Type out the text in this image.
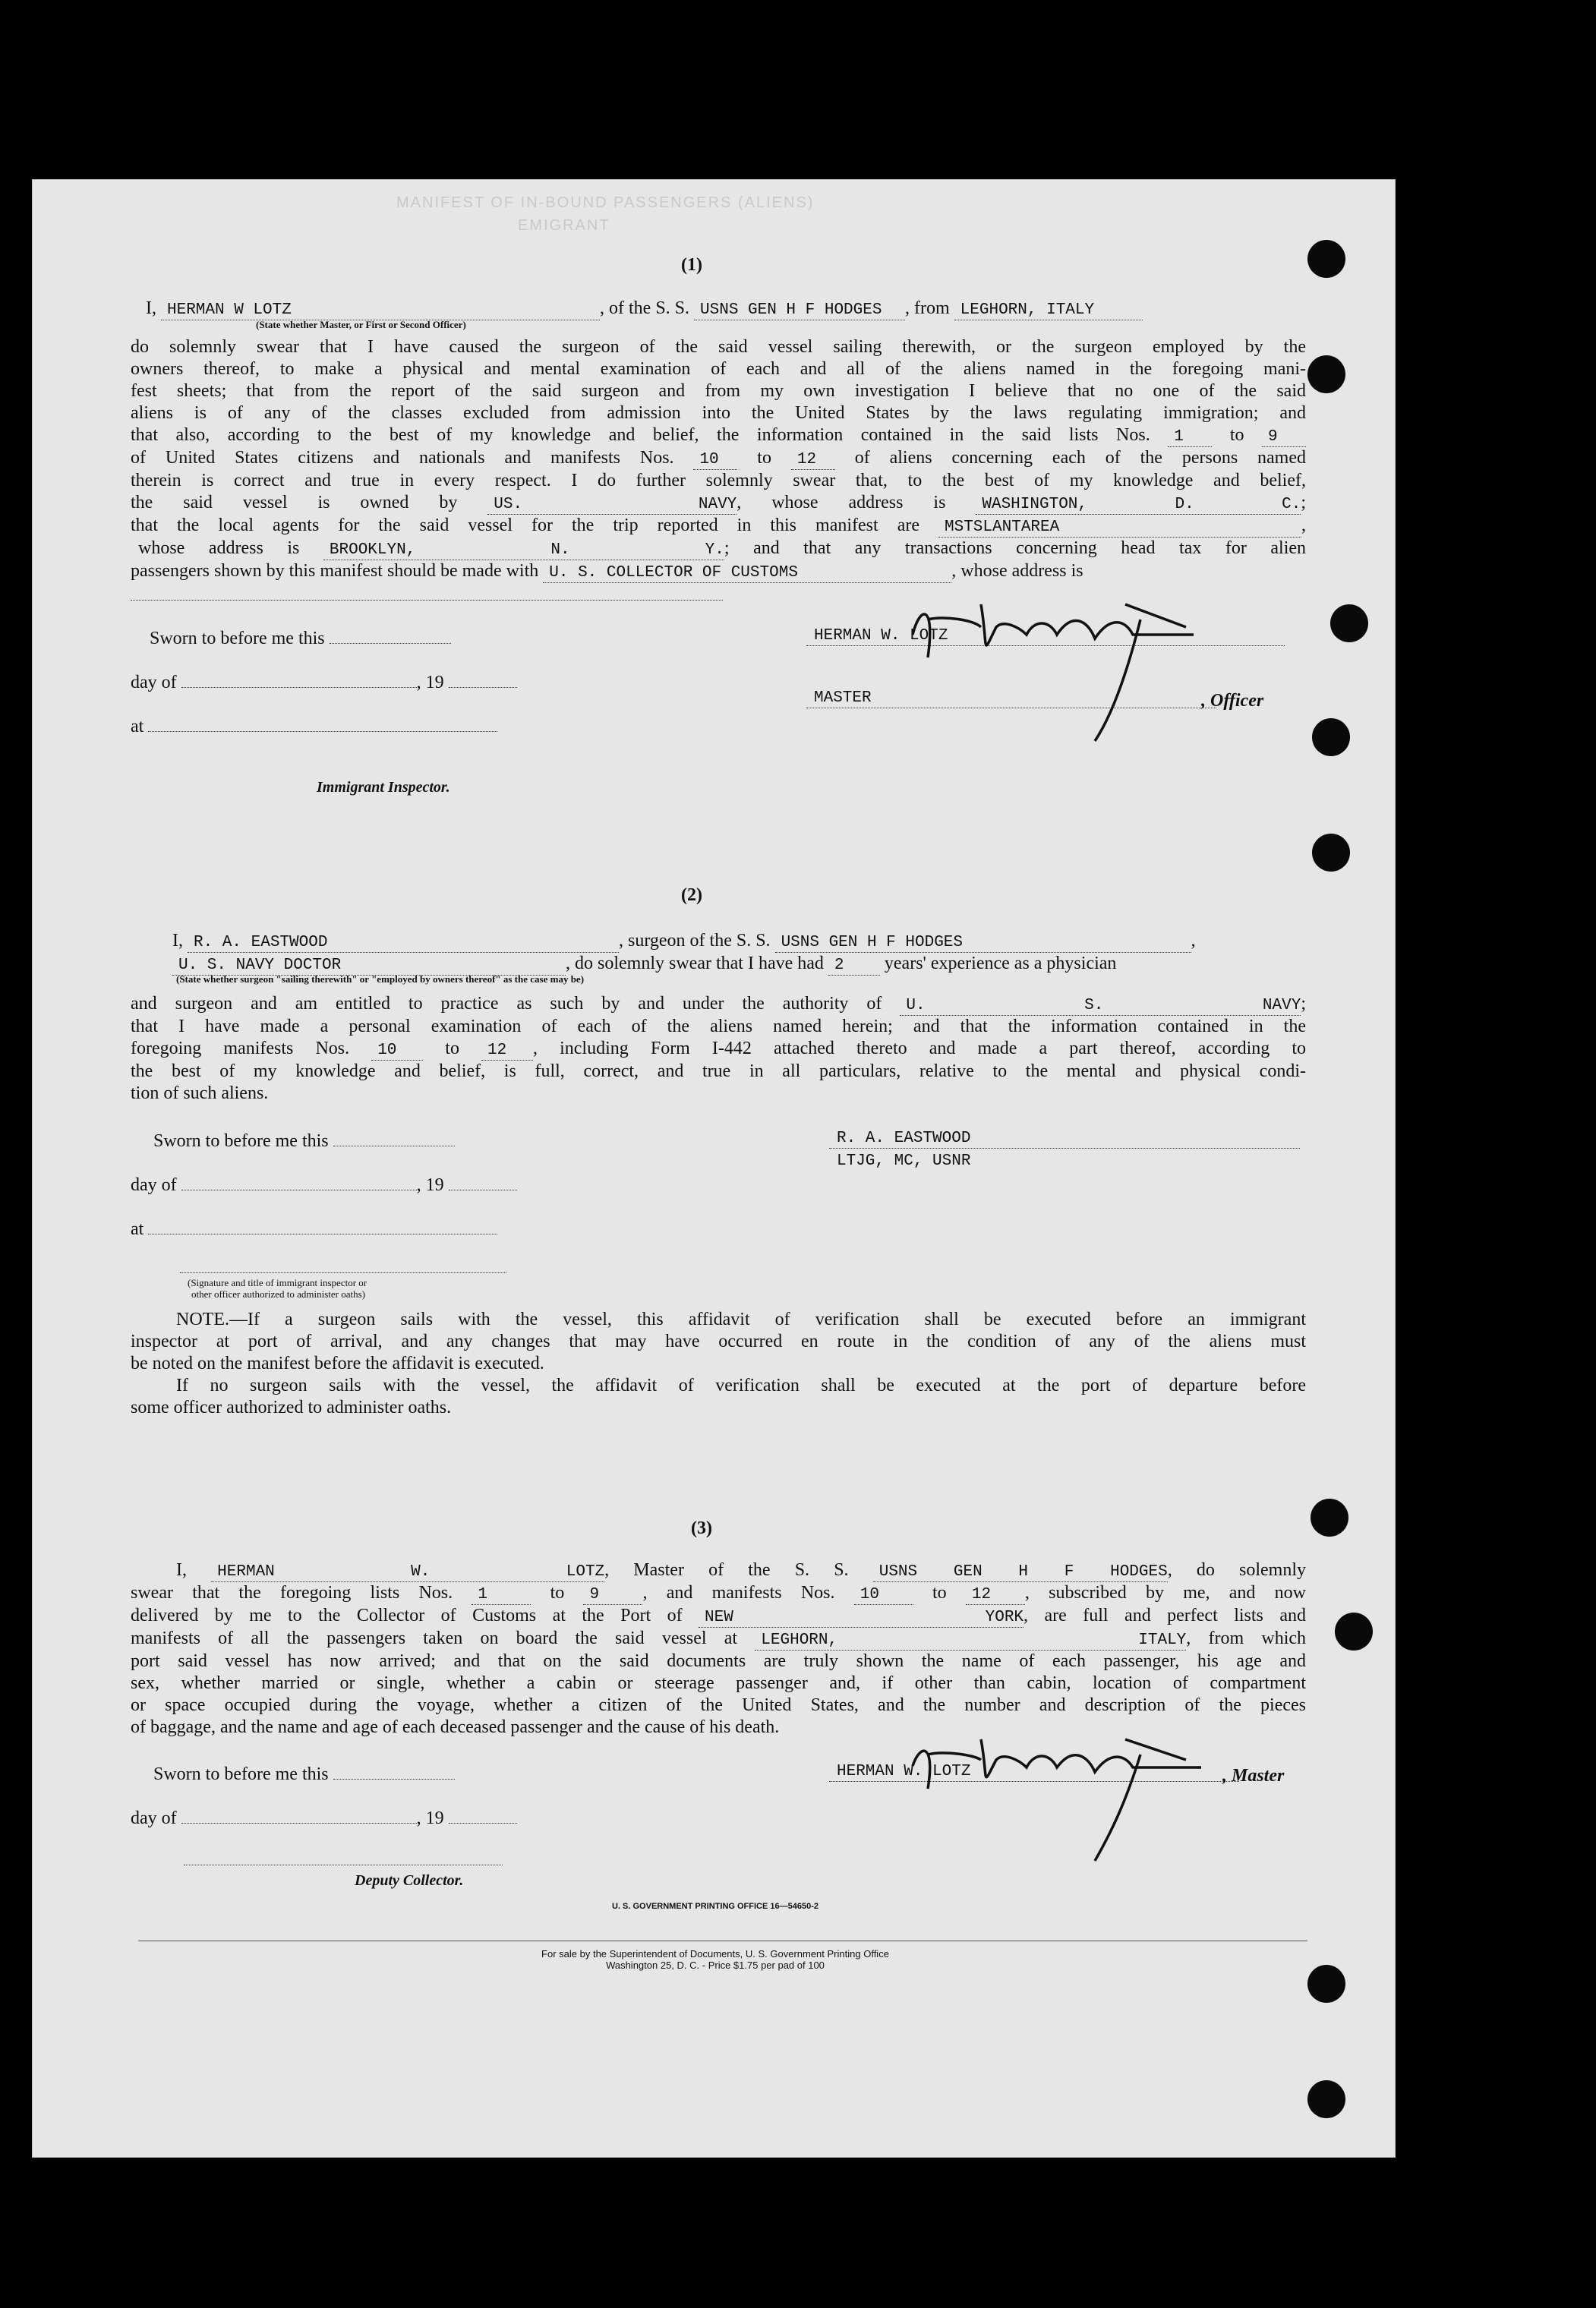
MANIFEST OF IN-BOUND PASSENGERS (ALIENS)
EMIGRANT
(1)
I, HERMAN W LOTZ	, of the S. S. USNS GEN H F HODGES , from LEGHORN, ITALY
(State whether Master, or First or Second Officer)
do solemnly swear that I have caused the surgeon of the said vessel sailing therewith, or the surgeon employed by the
owners thereof, to make a physical and mental examination of each and all of the aliens named in the foregoing mani-
fest sheets; that from the report of the said surgeon and from my own investigation I believe that no one of the said
aliens is of any of the classes excluded from admission into the United States by the laws regulating immigration; and
that also, according to the best of my knowledge and belief, the information contained in the said lists Nos. 1	to 9
of United States citizens and nationals and manifests Nos. 10 to 12 of aliens concerning each of the persons named
therein is correct and true in every respect. I do further solemnly swear that, to the best of my knowledge and belief,
the said vessel is owned by US. NAVY, whose address is WASHINGTON, D. C.;
that the local agents for the said vessel for the trip reported in this manifest are MSTSLANTAREA	,
whose address is BROOKLYN, N. Y.; and that any transactions concerning head tax for alien
passengers shown by this manifest should be made with U. S. COLLECTOR OF CUSTOMS	, whose address is
Sworn to before me this
day of	, 19
at
Immigrant Inspector.
HERMAN W. LOTZ
MASTER	, Officer
(2)
I, R. A. EASTWOOD	, surgeon of the S. S. USNS GEN H F HODGES	,
U. S. NAVY DOCTOR	, do solemnly swear that I have had 2 years' experience as a physician
(State whether surgeon "sailing therewith" or "employed by owners thereof" as the case may be)
and surgeon and am entitled to practice as such by and under the authority of U. S. NAVY;
that I have made a personal examination of each of the aliens named herein; and that the information contained in the
foregoing manifests Nos. 10	to 12 , including Form I-442 attached thereto and made a part thereof, according to
the best of my knowledge and belief, is full, correct, and true in all particulars, relative to the mental and physical condi-
tion of such aliens.
Sworn to before me this
day of	, 19
at
(Signature and title of immigrant inspector or
other officer authorized to administer oaths)
R. A. EASTWOOD
LTJG, MC, USNR
NOTE.—If a surgeon sails with the vessel, this affidavit of verification shall be executed before an immigrant
inspector at port of arrival, and any changes that may have occurred en route in the condition of any of the aliens must
be noted on the manifest before the affidavit is executed.
If no surgeon sails with the vessel, the affidavit of verification shall be executed at the port of departure before
some officer authorized to administer oaths.
(3)
I, HERMAN W. LOTZ, Master of the S. S. USNS GEN H F HODGES, do solemnly
swear that the foregoing lists Nos. 1	to 9 , and manifests Nos. 10	to 12 , subscribed by me, and now
delivered by me to the Collector of Customs at the Port of NEW YORK, are full and perfect lists and
manifests of all the passengers taken on board the said vessel at LEGHORN, ITALY, from which
port said vessel has now arrived; and that on the said documents are truly shown the name of each passenger, his age and
sex, whether married or single, whether a cabin or steerage passenger and, if other than cabin, location of compartment
or space occupied during the voyage, whether a citizen of the United States, and the number and description of the pieces
of baggage, and the name and age of each deceased passenger and the cause of his death.
Sworn to before me this
day of	, 19
Deputy Collector.
HERMAN W. LOTZ	, Master
U. S. GOVERNMENT PRINTING OFFICE 16—54650-2
For sale by the Superintendent of Documents, U. S. Government Printing Office
Washington 25, D. C. - Price $1.75 per pad of 100
10
